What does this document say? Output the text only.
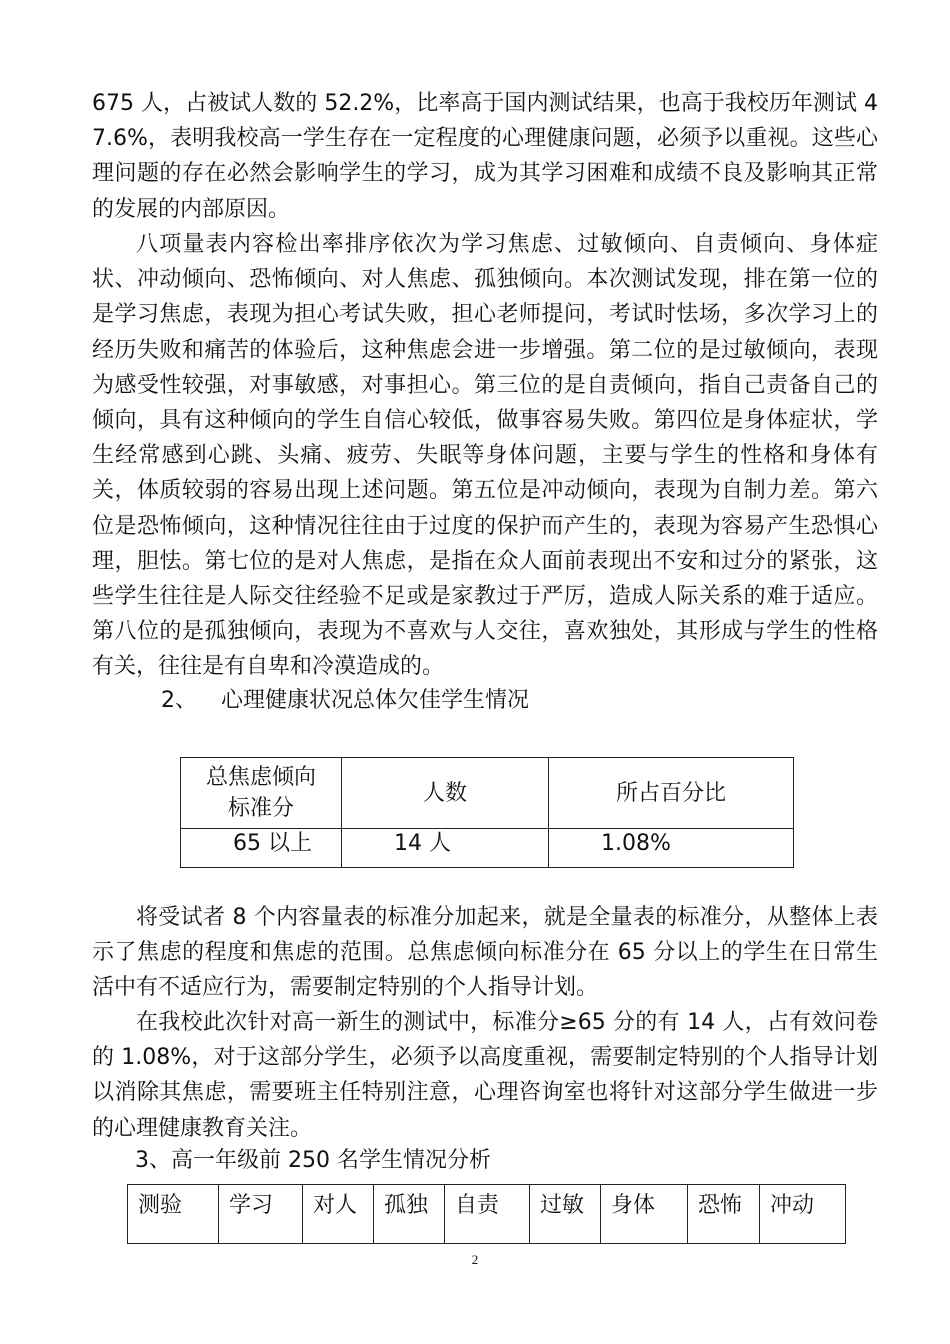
675 人，占被试人数的 52.2%，比率高于国内测试结果，也高于我校历年测试 47.6%，表明我校高一学生存在一定程度的心理健康问题，必须予以重视。这些心理问题的存在必然会影响学生的学习，成为其学习困难和成绩不良及影响其正常的发展的内部原因。

八项量表内容检出率排序依次为学习焦虑、过敏倾向、自责倾向、身体症状、冲动倾向、恐怖倾向、对人焦虑、孤独倾向。本次测试发现，排在第一位的是学习焦虑，表现为担心考试失败，担心老师提问，考试时怯场，多次学习上的经历失败和痛苦的体验后，这种焦虑会进一步增强。第二位的是过敏倾向，表现为感受性较强，对事敏感，对事担心。第三位的是自责倾向，指自己责备自己的倾向，具有这种倾向的学生自信心较低，做事容易失败。第四位是身体症状，学生经常感到心跳、头痛、疲劳、失眠等身体问题，主要与学生的性格和身体有关，体质较弱的容易出现上述问题。第五位是冲动倾向，表现为自制力差。第六位是恐怖倾向，这种情况往往由于过度的保护而产生的，表现为容易产生恐惧心理，胆怯。第七位的是对人焦虑，是指在众人面前表现出不安和过分的紧张，这些学生往往是人际交往经验不足或是家教过于严厉，造成人际关系的难于适应。第八位的是孤独倾向，表现为不喜欢与人交往，喜欢独处，其形成与学生的性格有关，往往是有自卑和冷漠造成的。

2、 心理健康状况总体欠佳学生情况
总焦虑倾向
标准分	人数	所占百分比
65 以上	14 人	1.08%

将受试者 8 个内容量表的标准分加起来，就是全量表的标准分，从整体上表示了焦虑的程度和焦虑的范围。总焦虑倾向标准分在 65 分以上的学生在日常生活中有不适应行为，需要制定特别的个人指导计划。

在我校此次针对高一新生的测试中，标准分≥65 分的有 14 人，占有效问卷的 1.08%，对于这部分学生，必须予以高度重视，需要制定特别的个人指导计划以消除其焦虑，需要班主任特别注意，心理咨询室也将针对这部分学生做进一步的心理健康教育关注。

3、高一年级前 250 名学生情况分析
测验	学习	对人	孤独	自责	过敏	身体	恐怖	冲动
2
